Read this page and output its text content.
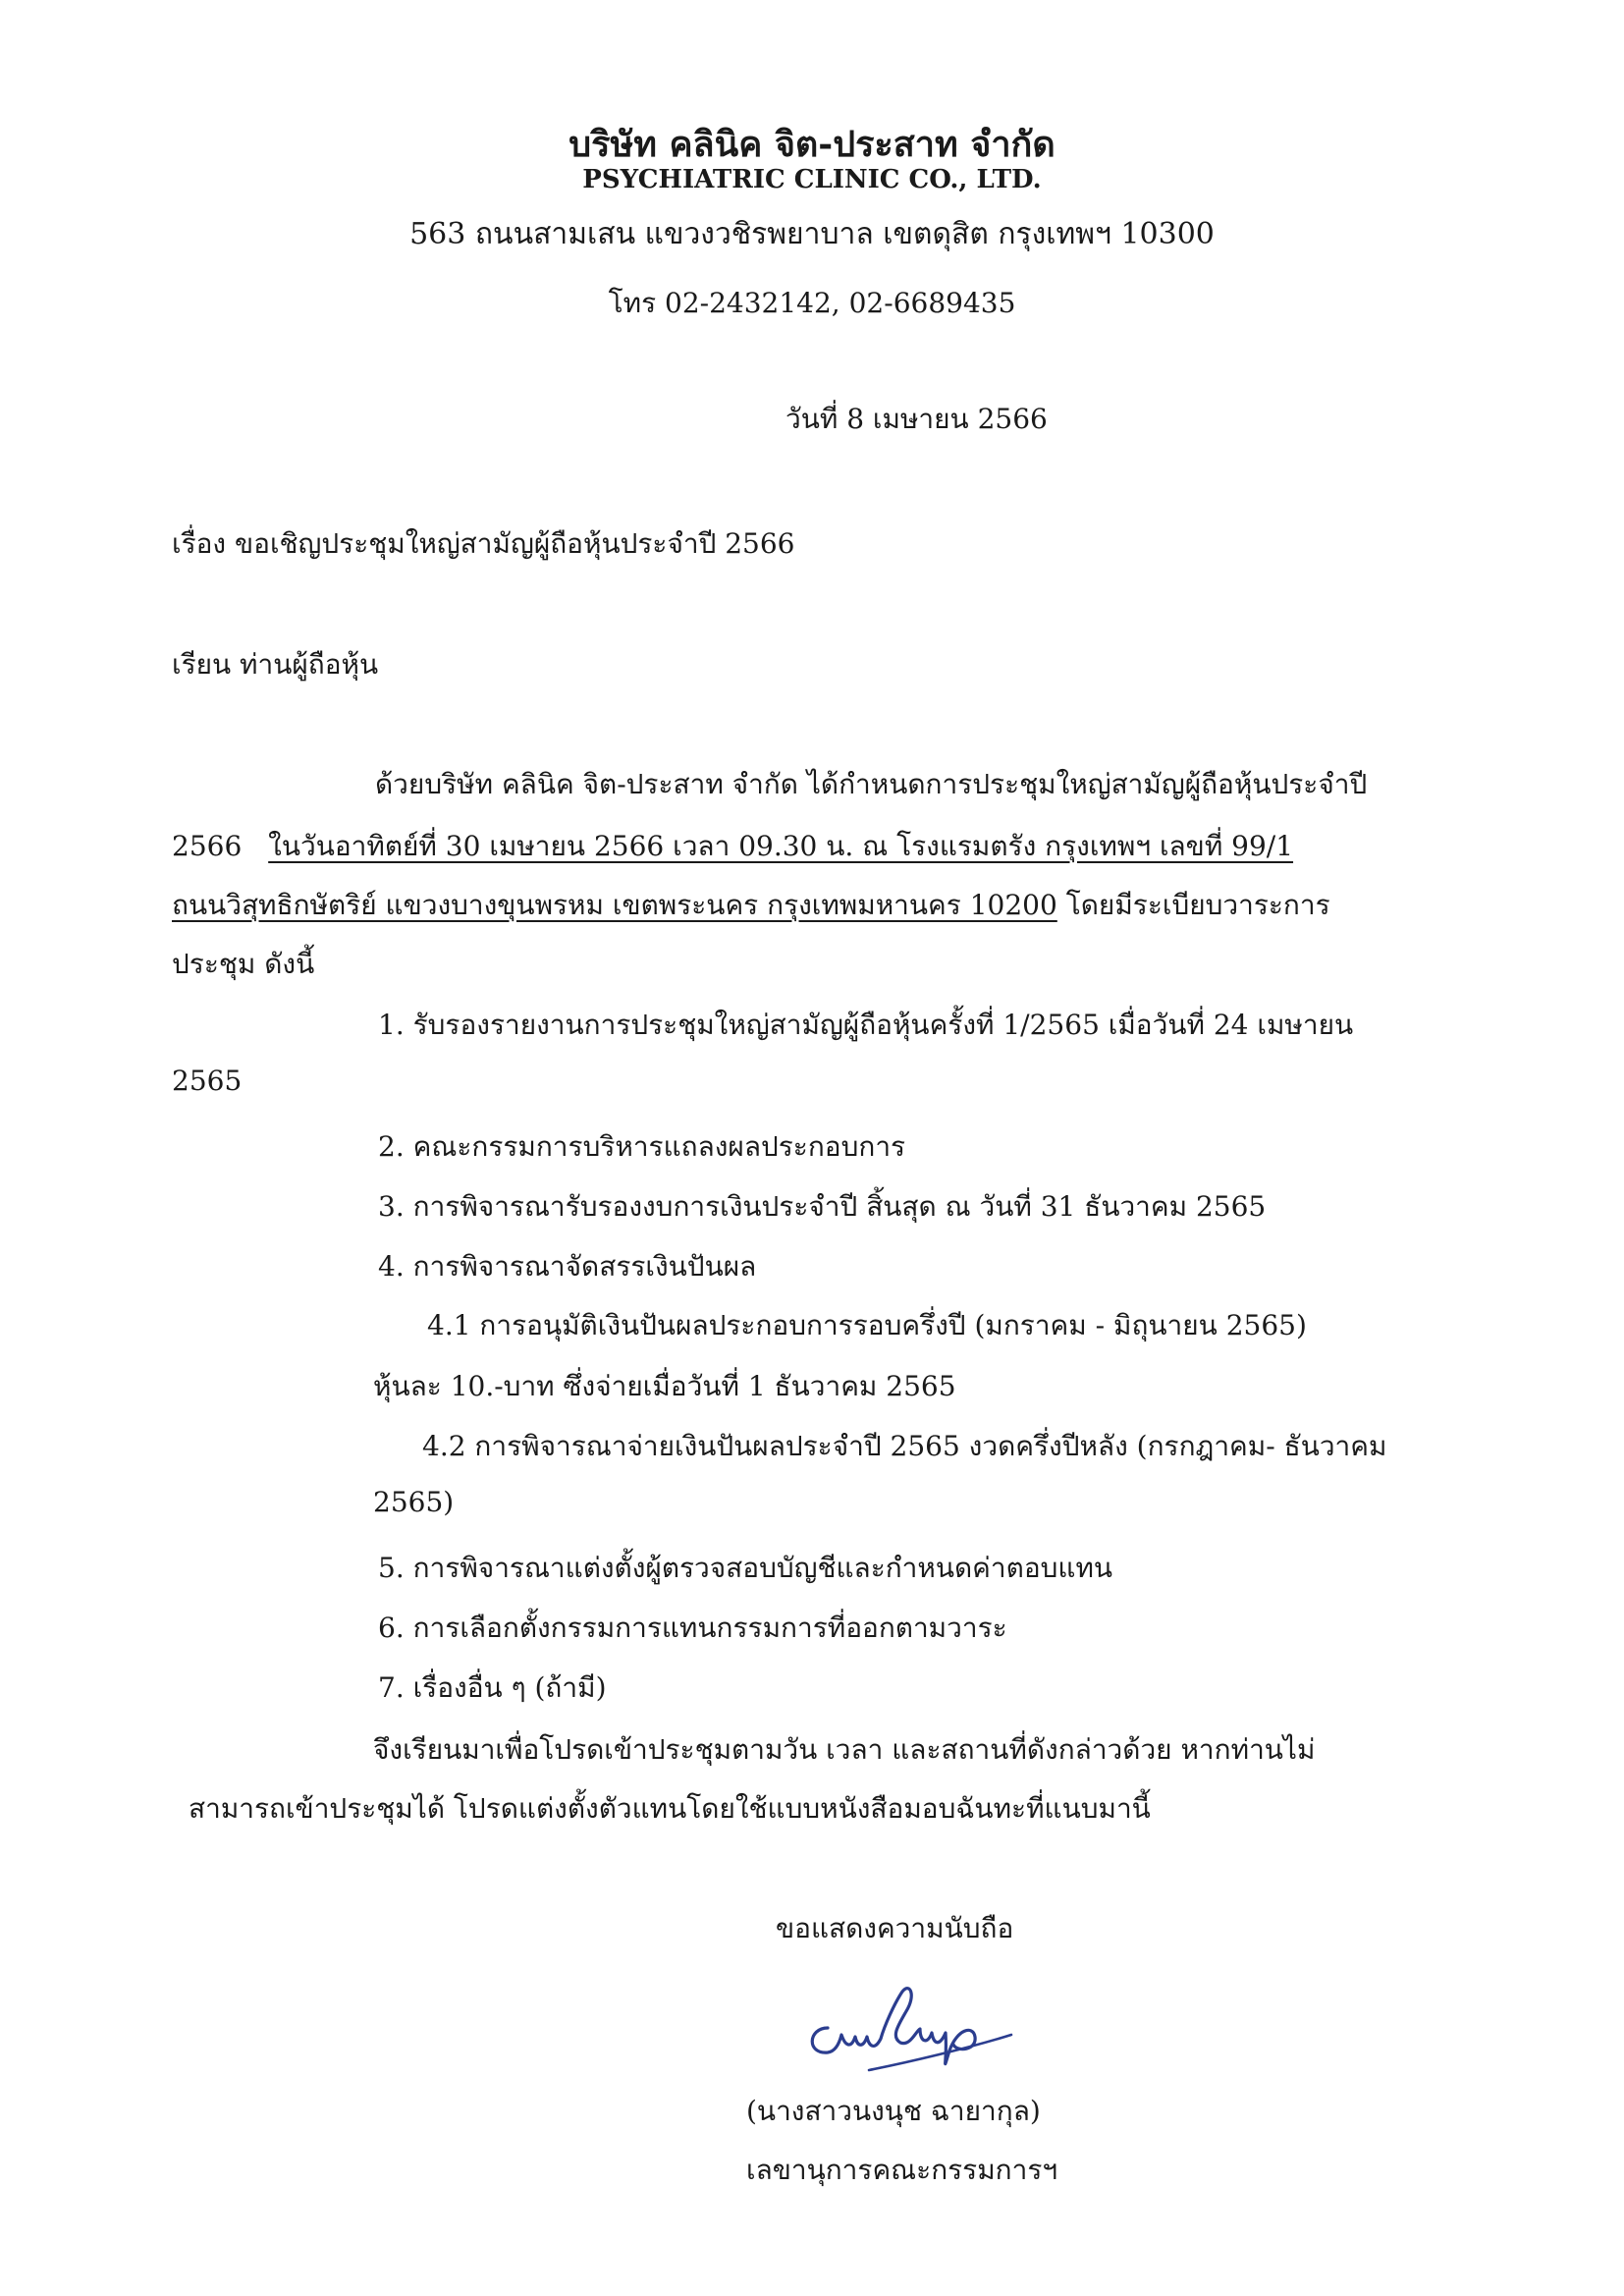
บริษัท คลินิค จิต-ประสาท จำกัด
PSYCHIATRIC CLINIC CO., LTD.
563 ถนนสามเสน แขวงวชิรพยาบาล เขตดุสิต กรุงเทพฯ 10300
โทร 02-2432142, 02-6689435
วันที่ 8 เมษายน 2566
เรื่อง ขอเชิญประชุมใหญ่สามัญผู้ถือหุ้นประจำปี 2566
เรียน ท่านผู้ถือหุ้น
ด้วยบริษัท คลินิค จิต-ประสาท จำกัด ได้กำหนดการประชุมใหญ่สามัญผู้ถือหุ้นประจำปี
2566 ในวันอาทิตย์ที่ 30 เมษายน 2566 เวลา 09.30 น. ณ โรงแรมตรัง กรุงเทพฯ เลขที่ 99/1
ถนนวิสุทธิกษัตริย์ แขวงบางขุนพรหม เขตพระนคร กรุงเทพมหานคร 10200 โดยมีระเบียบวาระการ
ประชุม ดังนี้
1. รับรองรายงานการประชุมใหญ่สามัญผู้ถือหุ้นครั้งที่ 1/2565 เมื่อวันที่ 24 เมษายน
2565
2. คณะกรรมการบริหารแถลงผลประกอบการ
3. การพิจารณารับรองงบการเงินประจำปี สิ้นสุด ณ วันที่ 31 ธันวาคม 2565
4. การพิจารณาจัดสรรเงินปันผล
4.1 การอนุมัติเงินปันผลประกอบการรอบครึ่งปี (มกราคม - มิถุนายน 2565)
หุ้นละ 10.-บาท ซึ่งจ่ายเมื่อวันที่ 1 ธันวาคม 2565
4.2 การพิจารณาจ่ายเงินปันผลประจำปี 2565 งวดครึ่งปีหลัง (กรกฎาคม- ธันวาคม
2565)
5. การพิจารณาแต่งตั้งผู้ตรวจสอบบัญชีและกำหนดค่าตอบแทน
6. การเลือกตั้งกรรมการแทนกรรมการที่ออกตามวาระ
7. เรื่องอื่น ๆ (ถ้ามี)
จึงเรียนมาเพื่อโปรดเข้าประชุมตามวัน เวลา และสถานที่ดังกล่าวด้วย หากท่านไม่
สามารถเข้าประชุมได้ โปรดแต่งตั้งตัวแทนโดยใช้แบบหนังสือมอบฉันทะที่แนบมานี้
ขอแสดงความนับถือ
(นางสาวนงนุช ฉายากุล)
เลขานุการคณะกรรมการฯ
